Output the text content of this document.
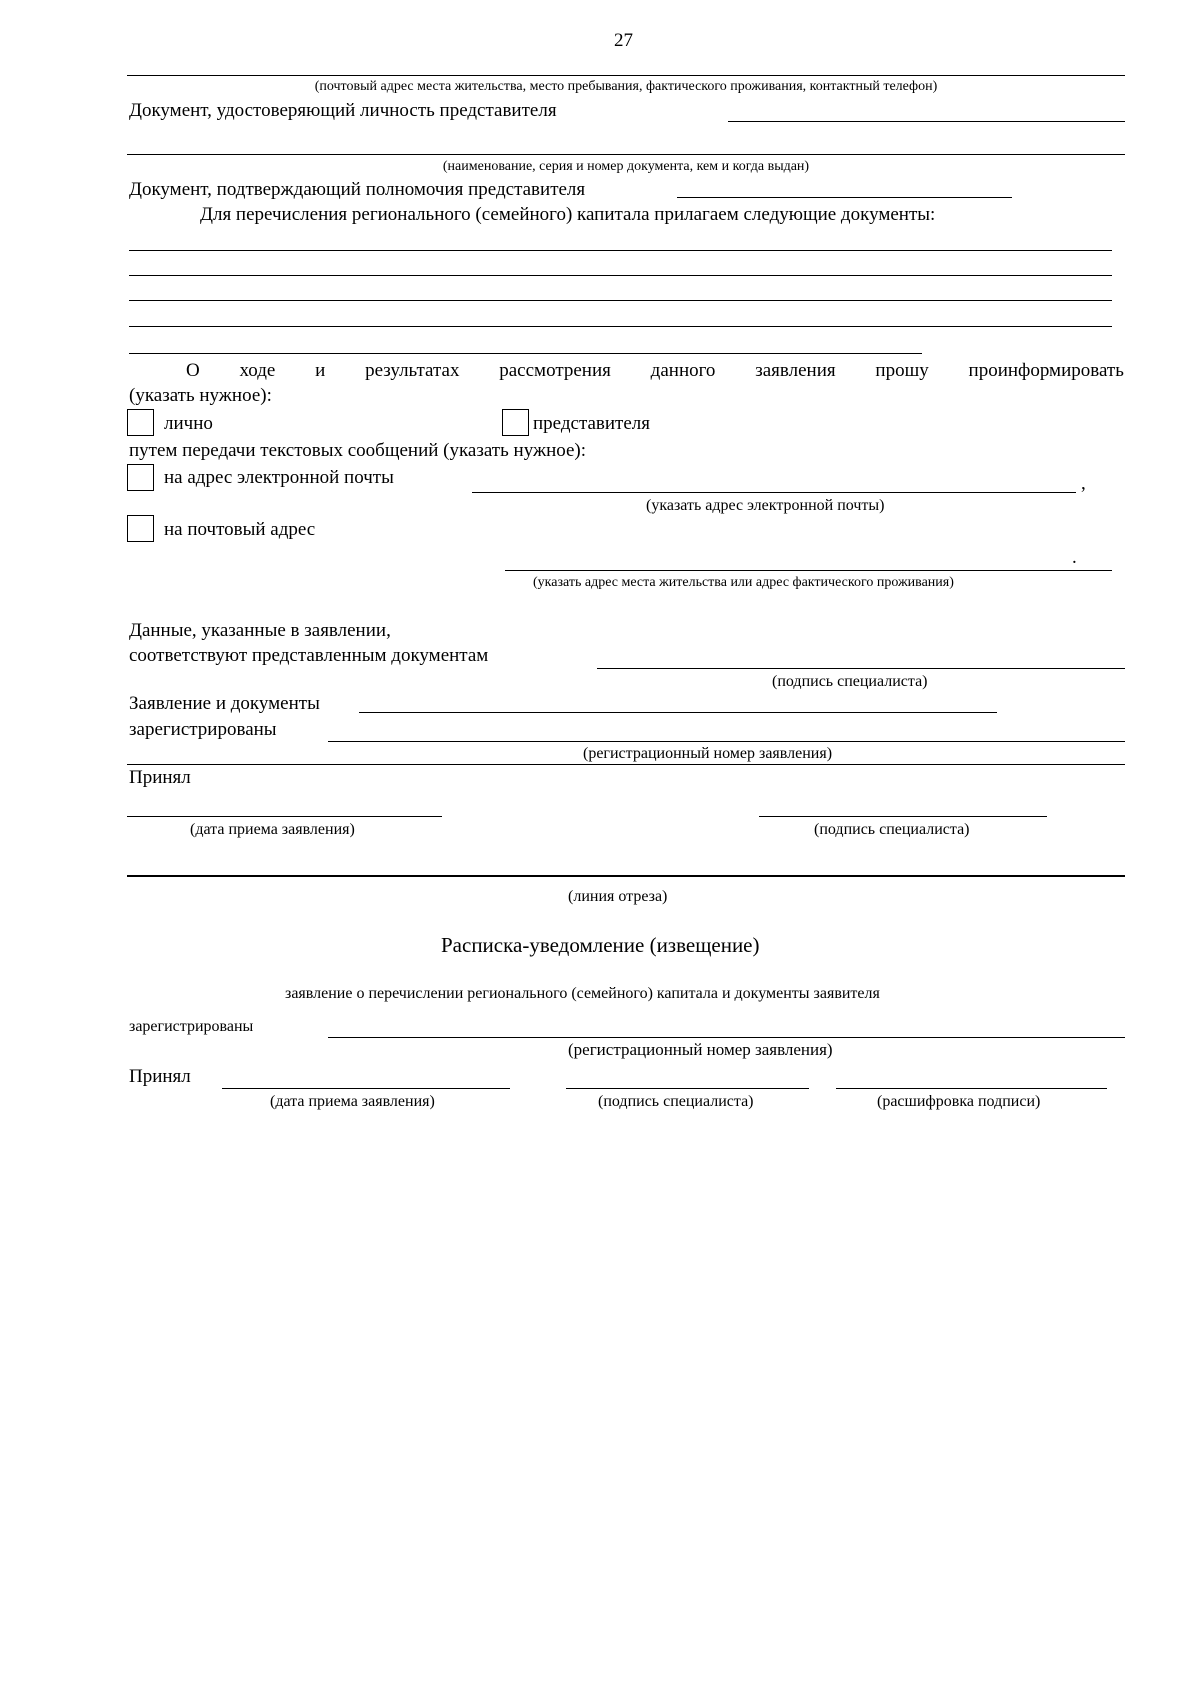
27
(почтовый адрес места жительства, место пребывания, фактического проживания, контактный телефон)
Документ, удостоверяющий личность представителя
(наименование, серия и номер документа, кем и когда выдан)
Документ, подтверждающий полномочия представителя
Для перечисления регионального (семейного) капитала прилагаем следующие документы:
О ходе и результатах рассмотрения данного заявления прошу проинформировать
(указать нужное):
лично	представителя
путем передачи текстовых сообщений (указать нужное):
на адрес электронной почты	,
(указать адрес электронной почты)
на почтовый адрес
.
(указать адрес места жительства или адрес фактического проживания)
Данные, указанные в заявлении,
соответствуют представленным документам
(подпись специалиста)
Заявление и документы
зарегистрированы
(регистрационный номер заявления)
Принял
(дата приема заявления)	(подпись специалиста)
(линия отреза)
Расписка-уведомление (извещение)
заявление о перечислении регионального (семейного) капитала и документы заявителя
зарегистрированы
(регистрационный номер заявления)
Принял
(дата приема заявления)	(подпись специалиста)	(расшифровка подписи)
